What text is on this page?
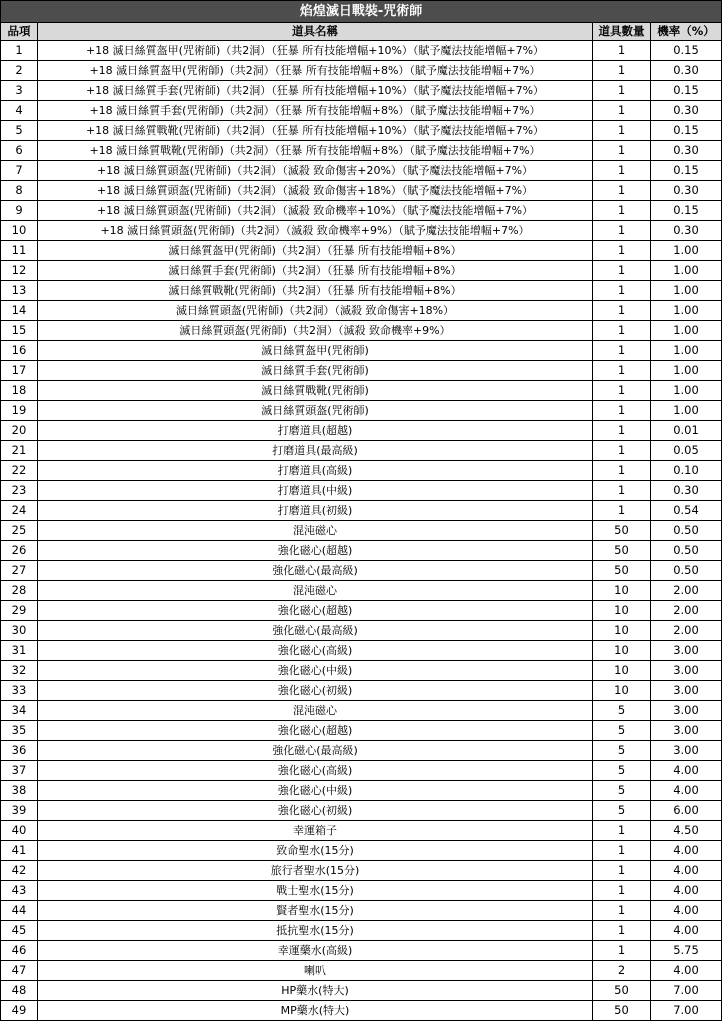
焰煌滅日戰裝-咒術師			
品項	道具名稱	道具數量	機率（%）
1	+18 滅日絲質盔甲(咒術師)（共2洞）（狂暴 所有技能增幅+10%）（賦予魔法技能增幅+7%）	1	0.15
2	+18 滅日絲質盔甲(咒術師)（共2洞）（狂暴 所有技能增幅+8%）（賦予魔法技能增幅+7%）	1	0.30
3	+18 滅日絲質手套(咒術師)（共2洞）（狂暴 所有技能增幅+10%）（賦予魔法技能增幅+7%）	1	0.15
4	+18 滅日絲質手套(咒術師)（共2洞）（狂暴 所有技能增幅+8%）（賦予魔法技能增幅+7%）	1	0.30
5	+18 滅日絲質戰靴(咒術師)（共2洞）（狂暴 所有技能增幅+10%）（賦予魔法技能增幅+7%）	1	0.15
6	+18 滅日絲質戰靴(咒術師)（共2洞）（狂暴 所有技能增幅+8%）（賦予魔法技能增幅+7%）	1	0.30
7	+18 滅日絲質頭盔(咒術師)（共2洞）（滅殺 致命傷害+20%）（賦予魔法技能增幅+7%）	1	0.15
8	+18 滅日絲質頭盔(咒術師)（共2洞）（滅殺 致命傷害+18%）（賦予魔法技能增幅+7%）	1	0.30
9	+18 滅日絲質頭盔(咒術師)（共2洞）（滅殺 致命機率+10%）（賦予魔法技能增幅+7%）	1	0.15
10	+18 滅日絲質頭盔(咒術師)（共2洞）（滅殺 致命機率+9%）（賦予魔法技能增幅+7%）	1	0.30
11	滅日絲質盔甲(咒術師)（共2洞）（狂暴 所有技能增幅+8%）	1	1.00
12	滅日絲質手套(咒術師)（共2洞）（狂暴 所有技能增幅+8%）	1	1.00
13	滅日絲質戰靴(咒術師)（共2洞）（狂暴 所有技能增幅+8%）	1	1.00
14	滅日絲質頭盔(咒術師)（共2洞）（滅殺 致命傷害+18%）	1	1.00
15	滅日絲質頭盔(咒術師)（共2洞）（滅殺 致命機率+9%）	1	1.00
16	滅日絲質盔甲(咒術師)	1	1.00
17	滅日絲質手套(咒術師)	1	1.00
18	滅日絲質戰靴(咒術師)	1	1.00
19	滅日絲質頭盔(咒術師)	1	1.00
20	打磨道具(超越)	1	0.01
21	打磨道具(最高級)	1	0.05
22	打磨道具(高級)	1	0.10
23	打磨道具(中級)	1	0.30
24	打磨道具(初級)	1	0.54
25	混沌磁心	50	0.50
26	強化磁心(超越)	50	0.50
27	強化磁心(最高級)	50	0.50
28	混沌磁心	10	2.00
29	強化磁心(超越)	10	2.00
30	強化磁心(最高級)	10	2.00
31	強化磁心(高級)	10	3.00
32	強化磁心(中級)	10	3.00
33	強化磁心(初級)	10	3.00
34	混沌磁心	5	3.00
35	強化磁心(超越)	5	3.00
36	強化磁心(最高級)	5	3.00
37	強化磁心(高級)	5	4.00
38	強化磁心(中級)	5	4.00
39	強化磁心(初級)	5	6.00
40	幸運箱子	1	4.50
41	致命聖水(15分)	1	4.00
42	旅行者聖水(15分)	1	4.00
43	戰士聖水(15分)	1	4.00
44	賢者聖水(15分)	1	4.00
45	抵抗聖水(15分)	1	4.00
46	幸運藥水(高級)	1	5.75
47	喇叭	2	4.00
48	HP藥水(特大)	50	7.00
49	MP藥水(特大)	50	7.00
